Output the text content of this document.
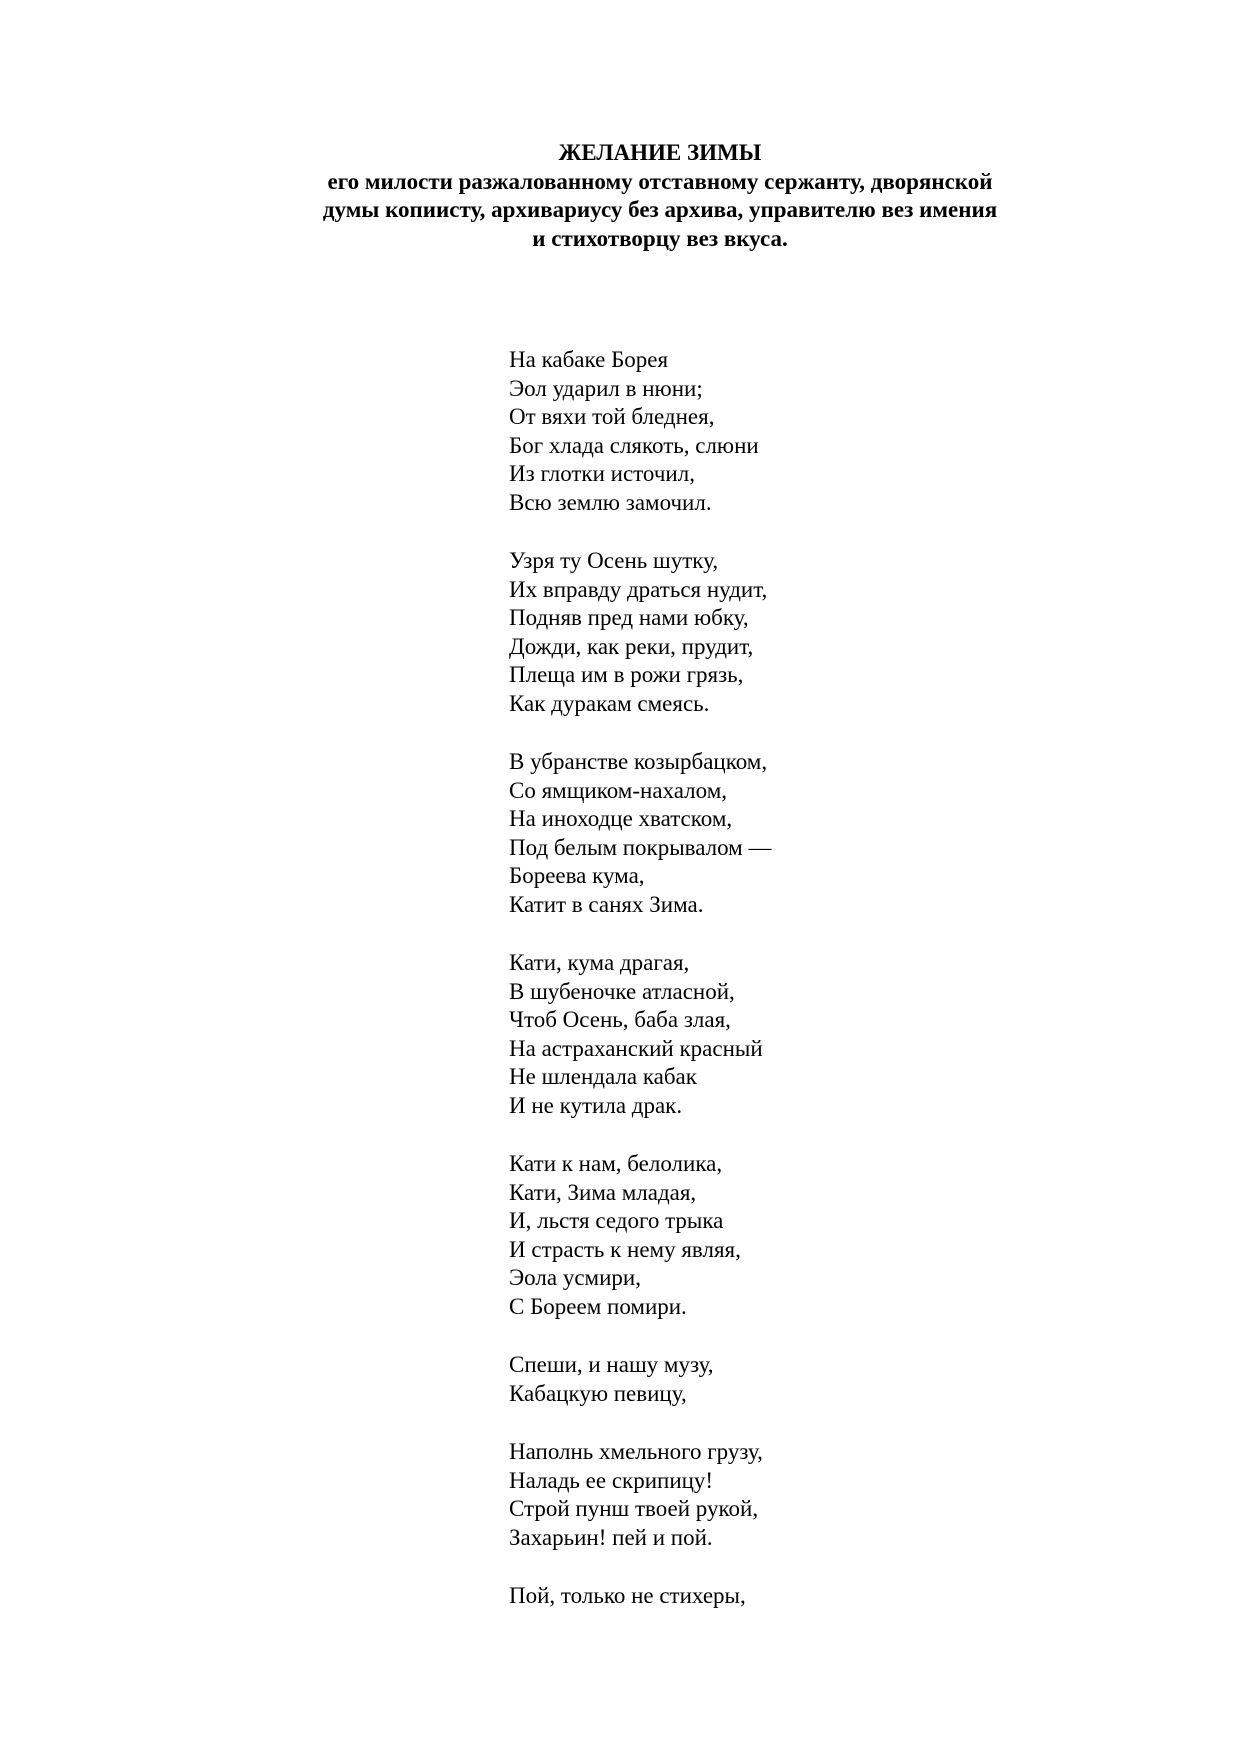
ЖЕЛАНИЕ ЗИМЫ
его милости разжалованному отставному сержанту, дворянской
думы копиисту, архивариусу без архива, управителю вез имения
и стихотворцу вез вкуса.
На кабаке Борея
Эол ударил в нюни;
От вяхи той бледнея,
Бог хлада слякоть, слюни
Из глотки источил,
Всю землю замочил.
Узря ту Осень шутку,
Их вправду драться нудит,
Подняв пред нами юбку,
Дожди, как реки, прудит,
Плеща им в рожи грязь,
Как дуракам смеясь.
В убранстве козырбацком,
Со ямщиком-нахалом,
На иноходце хватском,
Под белым покрывалом —
Бореева кума,
Катит в санях Зима.
Кати, кума драгая,
В шубеночке атласной,
Чтоб Осень, баба злая,
На астраханский красный
Не шлендала кабак
И не кутила драк.
Кати к нам, белолика,
Кати, Зима младая,
И, льстя седого трыка
И страсть к нему являя,
Эола усмири,
С Бореем помири.
Спеши, и нашу музу,
Кабацкую певицу,
Наполнь хмельного грузу,
Наладь ее скрипицу!
Строй пунш твоей рукой,
Захарьин! пей и пой.
Пой, только не стихеры,
